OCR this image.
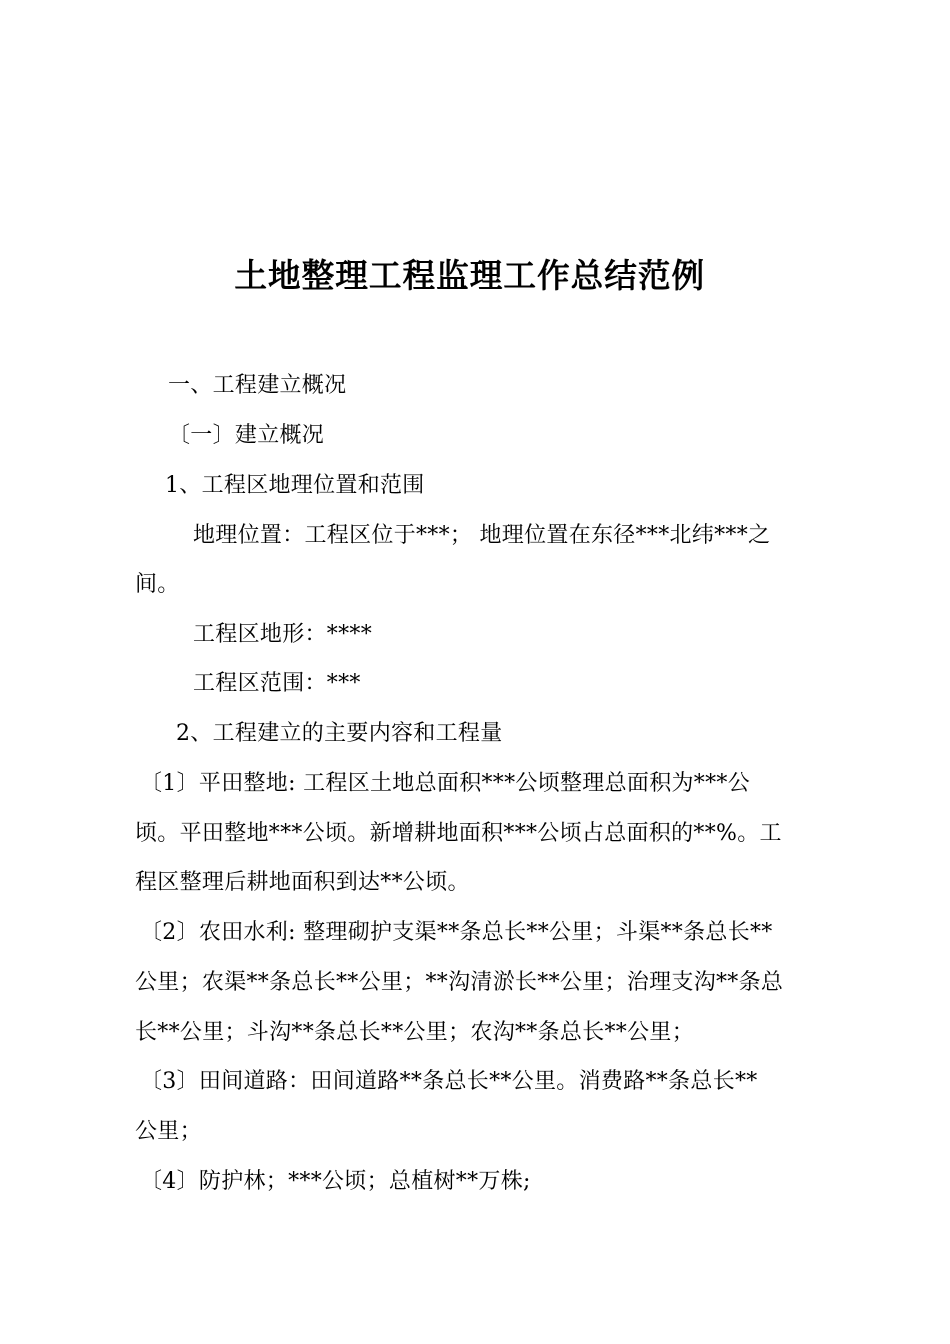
土地整理工程监理工作总结范例
一、工程建立概况
〔一〕建立概况
1、工程区地理位置和范围
地理位置：工程区位于***； 地理位置在东径***北纬***之
间。
工程区地形：****
工程区范围：***
2、工程建立的主要内容和工程量
〔1〕平田整地: 工程区土地总面积***公顷整理总面积为***公
顷。平田整地***公顷。新增耕地面积***公顷占总面积的**%。工
程区整理后耕地面积到达**公顷。
〔2〕农田水利: 整理砌护支渠**条总长**公里；斗渠**条总长**
公里；农渠**条总长**公里；**沟清淤长**公里；治理支沟**条总
长**公里；斗沟**条总长**公里；农沟**条总长**公里；
〔3〕田间道路：田间道路**条总长**公里。消费路**条总长**
公里；
〔4〕防护林；***公顷；总植树**万株;
